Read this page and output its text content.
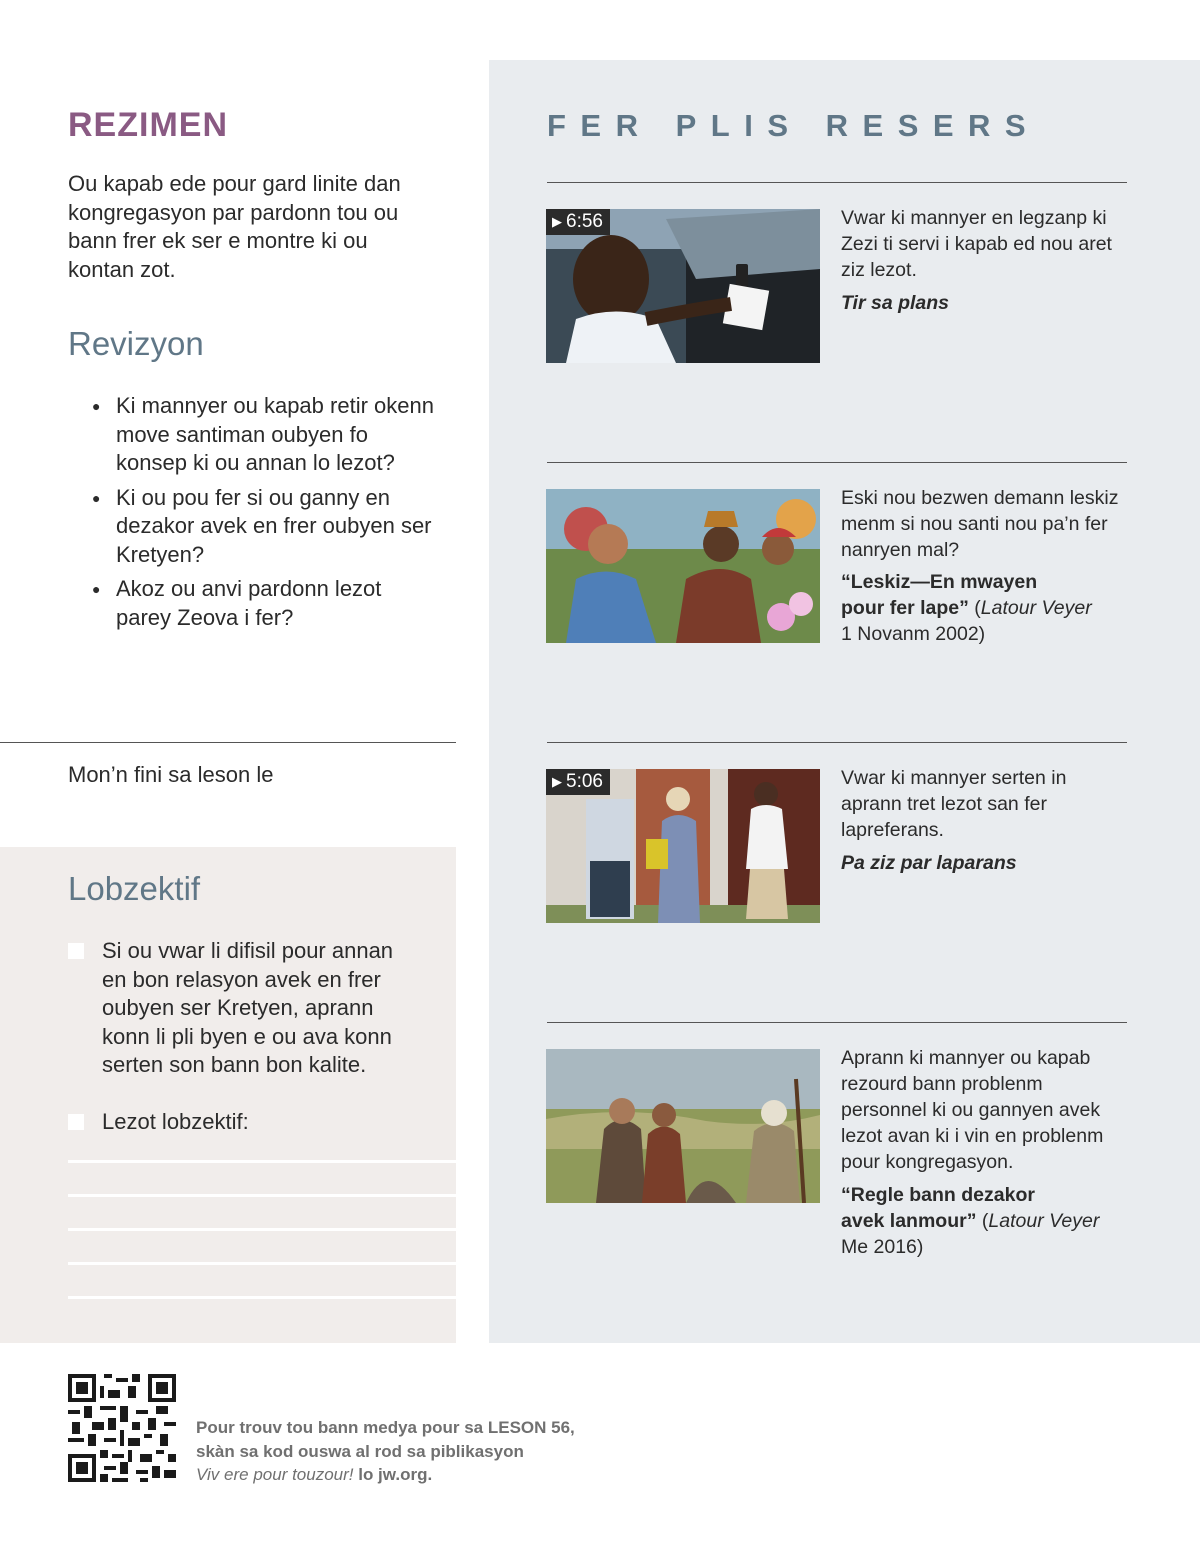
REZIMEN

Ou kapab ede pour gard linite dan kongregasyon par pardonn tou ou bann frer ek ser e montre ki ou kontan zot.

Revizyon
● Ki mannyer ou kapab retir okenn move santiman oubyen fo konsep ki ou annan lo lezot?
● Ki ou pou fer si ou ganny en dezakor avek en frer oubyen ser Kretyen?
● Akoz ou anvi pardonn lezot parey Zeova i fer?

Mon’n fini sa leson le

Lobzektif
Si ou vwar li difisil pour annan en bon relasyon avek en frer oubyen ser Kretyen, aprann konn li pli byen e ou ava konn serten son bann bon kalite.
Lezot lobzektif:
FER PLIS RESERS
▶ 6:56	Vwar ki mannyer en legzanp ki Zezi ti servi i kapab ed nou aret ziz lezot.

Tir sa plans

Eski nou bezwen demann leskiz menm si nou santi nou pa’n fer nanryen mal?

“Leskiz—En mwayen
pour fer lape” (Latour Veyer
1 Novanm 2002)

▶ 5:06	Vwar ki mannyer serten in aprann tret lezot san fer lapreferans.

Pa ziz par laparans

Aprann ki mannyer ou kapab rezourd bann problenm personnel ki ou gannyen avek lezot avan ki i vin en problenm pour kongregasyon.

“Regle bann dezakor
avek lanmour” (Latour Veyer
Me 2016)

Pour trouv tou bann medya pour sa LESON 56,
skàn sa kod ouswa al rod sa piblikasyon
Viv ere pour touzour! lo jw.org.
